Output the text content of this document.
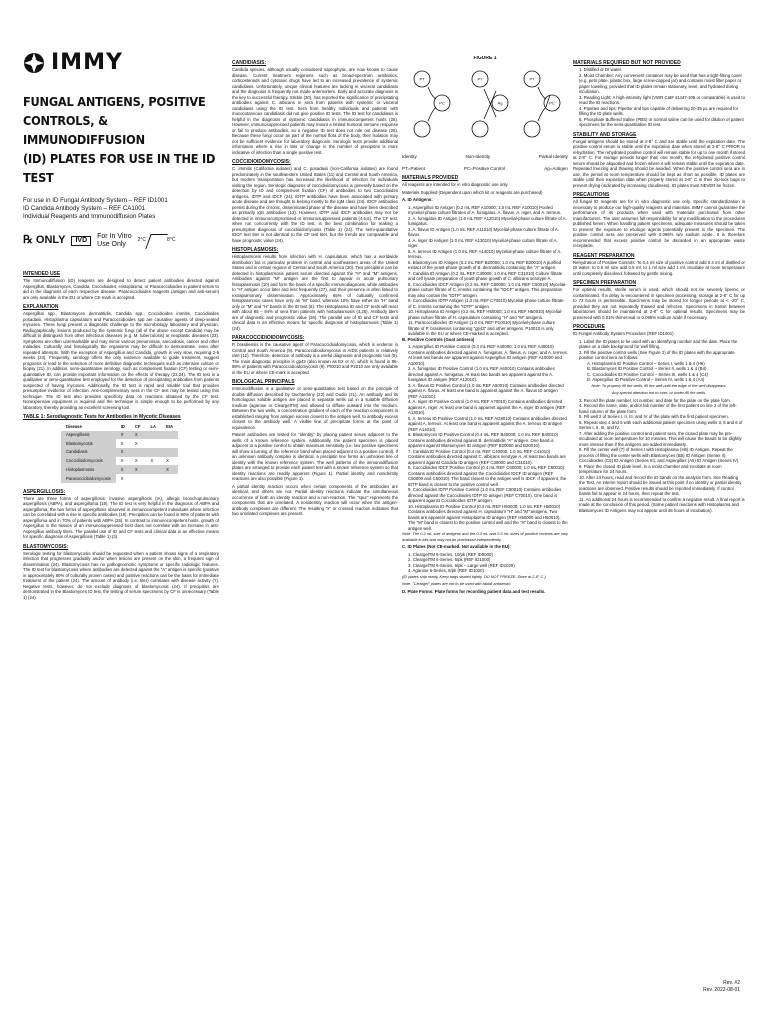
IMMY
FUNGAL ANTIGENS, POSITIVE
CONTROLS, & IMMUNODIFFUSION
(ID) PLATES FOR USE IN THE ID TEST
For use in ID Fungal Antibody System – REF ID1001
ID Candida Antibody System – REF CA1001
Individual Reagents and Immunodiffusion Plates
℞ ONLY	IVD
For In Vitro
Use Only
2°C	8°C
INTENDED USE

The Immunodiffusion (ID) reagents are designed to detect patient antibodies directed against Aspergillus, Blastomyces, Candida, Coccidioides, Histoplasma, or Paracoccidioides in patient serum to aid in the diagnosis of each respective disease. Paracoccidioides reagents (antigen and anti-serum) are only available in the EU or where CE-mark is accepted.

EXPLANATION

Aspergillus spp., Blastomyces dermatitidis, Candida spp., Coccidioides immitis, Coccidioides posadasii, Histoplasma capsulatum and Paracoccidioides spp are causative agents of deep-seated mycoses. These fungi present a diagnostic challenge to the microbiology laboratory and physician. Radiographically, lesions produced by the systemic fungi (all of the above except Candida) may be difficult to distinguish from other infectious diseases (e.g. M. tuberculosis) or neoplastic diseases (23). Symptoms are often unremarkable and may mimic various pneumonias, sarcoidosis, cancer and other maladies. Culturally and histologically the organisms may be difficult to demonstrate, even after repeated attempts. With the exception of Aspergillus and Candida, growth is very slow, requiring 2-6 weeks (24). Frequently, serology offers the only evidence available to guide treatment, suggest prognosis or lead to the selection of more definitive diagnostic techniques such as intensive culture or biopsy (21). In addition, semi-quantitative serology, such as complement fixation (CF) testing or semi-quantitative ID, can provide important information on the effects of therapy (23,24). The ID test is a qualitative or semi-quantitative test employed for the detection of precipitating antibodies from patients suspected of having mycoses. Additionally, the ID test is rapid and reliable tool that provides presumptive evidence of infection. Anti-complementary sera in the CF test may be tested using this technique. The ID test also provides specificity data on reactions obtained by the CF test. Nonexpensive equipment is required and the technique is simple enough to be performed by any laboratory, thereby providing an excellent screening tool.

TABLE 1: Serodiagnostic Tests for Antibodies in Mycotic Diseases
Disease	ID	CF	LA	EIA
Aspergillosis	X	X		
Blastomycosis	X	X		
Candidiasis	X			
Coccidioidomycosis	X	X	X	X
Histoplasmosis	X	X		X
Paracoccidioidomycosis	X			
ASPERGILLOSIS:

There are three forms of aspergillosis: invasive aspergillosis (IA), allergic bronchopulmonary aspergillosis (ABPA), and aspergilloma (19). The ID test is very helpful in the diagnosis of ABPA and aspergilloma, the two forms of aspergillosis observed in immunocompetent individuals where infection can be correlated with a rise in specific antibodies (19). Precipitins can be found in 90% of patients with aspergilloma and in 70% of patients with ABPA (26). In contrast to immunocompetent hosts, growth of Aspergillus in the tissues of an immunosuppressed host does not correlate with an increase in anti-Aspergillus antibody titers. The parallel use of ID and CF tests and clinical data is an effective means for specific diagnosis of Aspergillosis (Table 1) (3).

BLASTOMYCOSIS:

Serologic testing for blastomycosis should be requested when a patient shows signs of a respiratory infection that progresses gradually and/or when lesions are present on the skin, a frequent sign of dissemination (24). Blastomycosis has no pathognomonic symptoms or specific radiologic features. The ID test for blastomycosis where antibodies are detected against the "A" antigen is specific (positive in approximately 80% of culturally proven cases) and positive reactions can be the basis for immediate treatment of the patient (24). The amount of antibody (i.e. titer) correlates with disease activity (?). Negative tests, however, do not exclude diagnosis of blastomycosis (24). If precipitins are demonstrated in the Blastomyces ID test, the testing of serum specimens by CF is unnecessary (Table 1) (24).

CANDIDIASIS:

Candida species, although usually considered saprophytic, are now known to cause disease. Current treatment regimens such as broad-spectrum antibiotics, corticosteroids and cytotoxic drugs have led to an increased prevalence of systemic candidiasis. Unfortunately, unique clinical features are lacking in visceral candidiasis and the diagnosis is frequently not made antemortem. Early and accurate diagnosis is the key to successful therapy. Stickle (30), has reported the significance of precipitating antibodies against C. albicans in sera from patients with systemic or visceral candidiasis using the ID test. Sera from healthy individuals and patients with mucocutaneous candidiasis did not give positive ID tests. The ID test for candidiasis is helpful in the diagnosis of systemic candidiasis in immunocompetent hosts (26). However, immunosuppressed patients may mount a limited humoral immune response or fail to produce antibodies, so a negative ID test does not rule out disease (26). Because these fungi occur as part of the normal flora of the body, their isolation may not be sufficient evidence for laboratory diagnosis. Serologic tests provide additional information where a rise in titer or change in the number of precipitins is more indicative of infection than a single positive test.

COCCIDIOIDOMYCOSIS:

C. immitis (California isolates) and C. posadasii (non-California isolates) are found predominately in the southwestern United States (11) and Central and South America, but modern transportation has increased the likelihood of infection for individuals visiting the region. Serologic diagnosis of coccidioidomycosis is generally based on the detection by ID and complement fixation (CF) of antibodies to two Coccidioides antigens, IDTP and IDCF (24). IDTP antibodies have been associated with primary acute disease and are thought to belong mostly to the IgM class (24). IDCF antibodies persist during the chronic, disseminated phase of the disease and have been described as primarily IgG antibodies (12). However, IDTP and IDCF antibodies may not be detected in immunocompromised or immunosuppressed patients (4,5,6). The CF test, when run concurrently with the ID test, is the best combination for making a presumptive diagnosis of coccidioidomycosis (Table 1) (24). The semi-quantitative IDCF test titer is not identical to the CF test titer, but the trends are comparable and have prognostic value (24).

HISTOPLASMOSIS:

Histoplasmosis results from infection with H. capsulatum, which has a worldwide distribution but is particular problem in central and southeastern areas of the United States and in certain regions of Central and South America (30). Two precipitins can be detected in histoplasmosis patient serum directed against the "H" and "M" antigens. Antibodies against "M" antigen are the first to appear in acute pulmonary histoplasmosis (10) and form the basis of a specific immunodiagnosis, while antibodies to "H" antigen occur later and less frequently (27), and their presence is often linked to extrapulmonary dissemination. Approximately 65% of culturally confirmed histoplasmosis cases have only an "M" band, whereas 10% have either an "H" band only or "M" and "H" bands in the ID test (6). The Histoplasma ID and CF tests will react with about 85 – 94% of sera from patients with histoplasmosis (4,26). Antibody titers are of diagnostic and prognostic value (26). The parallel use of ID and CF tests and clinical data is an effective means for specific diagnosis of histoplasmosis (Table 1) (24).

PARACOCCIDIOIDOMYCOSIS:

P. brasiliensis is the causative agent of Paracoccidioidomycosis, which is endemic in Central and South America (9). Paracoccidioidomycosis in AIDS patients is relatively rare (12). Therefore, detection of antibody is a useful diagnostic and prognostic tool (9). The main diagnostic precipitin is gp43 (also known as E2 or A), which is found in 95-98% of patients with Paracoccidioidomycosis (9). PI0010 and P2010 are only available in the EU or where CE-mark is accepted.

BIOLOGICAL PRINCIPALS

Immunodiffusion is a qualitative or semi-quantitative test based on the principle of double diffusion described by Ouchterlony (22) and Oudin (21). An antibody and its homologous soluble antigen are placed in separate wells cut in a suitable diffusion medium (agarose or CleargelTM) and allowed to diffuse outward into the medium. Between the two wells, a concentration gradient of each of the reaction components is established ranging from antigen excess closest to the antigen well, to antibody excess closest to the antibody well. A visible line of precipitate forms at the point of equivalence.

Patient antibodies are tested for "identity" by placing patient serum adjacent to the wells of a known reference system. Additionally, the patient specimen is placed adjacent to a positive control to obtain maximum sensitivity (i.e. low positive specimens will show a turning of the reference band when placed adjacent to a positive control). If an unknown antibody complex is identical, a precipitin line forms an unbroken line of identity with the known reference system. The well patterns of the immunodiffusion plates are arranged to provide each patient test with a known reference system so that identity reactions are readily apparent (Figure 1). Partial identity and nonidentity reactions are also possible (Figure 1).

A partial identity reaction occurs when certain components of the antibodies are identical, and others are not. Partial identity reactions indicate the simultaneous occurrence of both an identity reaction and a non-reaction. The "spur" represents the components that are unrelated. A nonidentity reaction will occur when the antigen-antibody complexes are different. The resulting "x" or crossed reaction indicates that two unrelated complexes are present.

FIGURE 1
PT
PC
PT
Ag
PT
PC
Identity	Non-Identity	Partial Identity
PT=Patient	PC=Positive Control	Ag=Antigen
MATERIALS PROVIDED

All reagents are intended for in vitro diagnostic use only.

Materials Supplied (Dependent upon which kit or reagents are purchased)

A. ID Antigens:

1. Aspergillus ID Antigen (0.2 mL REF A10000; 1.0 mL REF A10010) Pooled mycelial-phase culture filtrates of A. fumigatus, A. flavus, A. niger, and A. terreus.
2. A. fumigatus ID Antigen (1.0 mL REF A12010) Mycelial-phase culture filtrate of A. fumigatus.
3. A. flavus ID Antigen (1.0 mL REF A11010) Mycelial-phase culture filtrate of A. flavus.
4. A. niger ID Antigen (1.0 mL REF A13010) Mycelial-phase culture filtrate of A. niger.
5. A. terreus ID Antigen (1.0 mL REF A14010) Mycelial-phase culture filtrate of A. terreus.
6. Blastomyces ID Antigen (0.2 mL REF B20000; 1.0 mL REF B20010) A purified extract of the yeast-phase growth of B. dermatitidis containing the "A" antigen.
7. Candida ID Antigen (0.2 mL REF C30000; 1.0 mL REF C31010) Culture filtrate and cell lysate preparation of yeast-phase growth of C. albicans serotype A.
8. Coccidioides IDCF Antigen (0.2 mL REF C50000; 1.0 mL REF C50010) Mycelial-phase culture filtrate of C. immitis containing the "IDCF" antigen. This preparation may also contain the "IDTP" antigen.
9. Coccidioides IDTP Antigen (1.0 mL REF C70010) Mycelial-phase culture filtrate of C. immitis containing the "IDTP" antigen.
10. Histoplasma ID Antigen (0.2 mL REF H50000; 1.0 mL REF H50010) Mycelial-phase culture filtrate of H. capsulatum containing "H" and "M" antigens.
11. Paracoccidioides ID Antigen (1.0 mL REF P10010) Mycelial-phase culture filtrate of P. brasiliensis containing "gp43" and other antigens. P10010 is only available in the EU or where CE-marked is accepted.

B. Positive Controls (Goat antisera)

1. Aspergillus ID Positive Control (0.4 mL REF A40000; 1.0 mL REF A40010) Contains antibodies directed against A. fumigatus, A. flavus, A. niger, and A. terreus. At least two bands are apparent against Aspergillus ID antigen (REF A10000 and A10010).
2. A. fumigatus ID Positive Control (1.0 mL REF A60010) Contains antibodies directed against A. fumigatus. At least two bands are apparent against the A. fumigatus ID antigen (REF A12010).
3. A. flavus ID Positive Control (1.0 mL REF A50010) Contains antibodies directed against A. flavus. At least one band is apparent against the A. flavus ID antigen (REF A11010).
4. A. niger ID Positive Control (1.0 mL REF A70010) Contains antibodies directed against A. niger. At least one band is apparent against the A. niger ID antigen (REF A13010).
5. A. terreus ID Positive Control (1.0 mL REF AG8010) Contains antibodies directed against A. terreus. At least one band is apparent against the A. terreus ID antigen (REF A14010).
6. Blastomyces ID Positive Control (0.4 mL REF B40000; 1.0 mL REF B40010) Contains antibodies directed against B. dermatitidis "A" antigen. One band is apparent against Blastomyces ID antigen (REF B20000 and B20010).
7. Candida ID Positive Control (0.4 mL REF C40000; 1.0 mL REF C41010) Contains antibodies directed against C. albicans serotype A. At least two bands are apparent against Candida ID antigen (REF C30000 and C31010).
8. Coccidioides IDCF Positive Control (0.4 mL REF C60000; 1.0 mL REF C60010) Contains antibodies directed against the Coccidioides IDCF ID antigen (REF C50000 and C50010). The band closest to the antigen well is IDCF. If apparent, the IDTP band is closest to the positive control well.
9. Coccidioides IDTP Positive Control (1.0 mL REF C80010) Contains antibodies directed against the Coccidioides IDTP ID antigen (REF C70010). One band is apparent against Coccidioides IDTP antigen.
10. Histoplasma ID Positive Control (0.4 mL REF H60000; 1.0 mL REF H60010) Contains antibodies directed against H. capsulatum "H" and "M" antigens. Two bands are apparent against Histoplasma ID antigen (REF H50000 and H50010). The "M" band is closest to the positive control well and the "H" band is closest to the antigen well.

Note: The 0.2 mL size of antigens and the 0.4 mL and 0.5 mL sizes of positive controls are only available in kits and may not be purchased independently.

C. ID Plates (Not CE-marked. Not available in the EU):

1. CleargelTM 6-Series, 10/pk (REF ID6000)
2. CleargelTM 6-Series, 6/pk (REF ID1000)
3. CleargelTM 6-Series, 6/pk – Large well (REF ID1029)
4. Agarose 6-Series, 6/pk (REF ID1020)

(ID plates ship ready. Keep bags sealed tightly. DO NOT FREEZE. Store at 2-8° C.)

Note: "Cleargel" plates are not to be used with rabbit antiserum.

D. Plate Forms: Plate forms for recording patient data and test results.

MATERIALS REQUIRED BUT NOT PROVIDED
1. Distilled or DI water.
2. Moist Chamber: Any convenient container may be used that has a tight-fitting cover (e.g. petri plate, plastic box, large screw-capped jar) and contains moist filter paper or paper toweling, provided that ID plates remain stationary, level, and hydrated during incubation.
3. Reading Light: A high-intensity light (VWR Cat# 41447-105 or comparable) is used to read the ID reactions.
4. Pipettes and tips: Pipettor and tips capable of delivering 20-35 µL are required for filling the ID plate wells.
5. Phosphate Buffered Saline (PBS) or normal saline can be used for dilution of patient specimens for the semi-quantitative ID test.
STABILITY AND STORAGE

Fungal antigens should be stored at 2-8° C and are stable until the expiration date. The positive control serum is stable until the expiration date when stored at 2-8° C PRIOR to rehydration. The rehydrated positive control will remain stable for up to one month if stored at 2-8° C. For storage periods longer than one month, the rehydrated positive control serum should be aliquotted and frozen where it will remain stable until the expiration date. Repeated freezing and thawing should be avoided. When the positive control sera are in use, the period at room temperature should be kept as short as possible. ID plates are stable until their expiration date when properly stored at 2-8° C in their zip-lock bags to prevent drying (indicated by increasing cloudiness). ID plates must NEVER be frozen.

PRECAUTIONS

All fungal ID reagents are for in vitro diagnostic use only. Specific standardization is necessary to produce our high-quality reagents and materials. IMMY cannot guarantee the performance of its products when used with materials purchased from other manufacturers. The user assumes full responsibility for any modification to the procedures published herein. When handling patient specimens, adequate measures should be taken to prevent the exposure to etiologic agents potentially present in the specimen. The positive control sera are preserved with 0.095% w/v sodium azide. It is therefore recommended that excess positive control be discarded in an appropriate waste receptacle.

REAGENT PREPARATION

Rehydration of Positive Controls: To 0.4 ml size of positive control add 0.4 ml of distilled or DI water; to 0.5 ml size add 0.5 ml; to 1 ml size add 1 ml. Incubate at room temperature until completely dissolved, followed by gentle mixing.

SPECIMEN PREPARATION

For optimal results, sterile serum is used, which should not be severely lipemic or contaminated. If a delay is encountered in specimen processing, storage at 2-8° C for up to 72 hours is permissible. Specimens may be stored for longer periods at < -20° C, provided they are not repeatedly thawed and refrozen. Specimens in transit between laboratories should be maintained at 2-8° C for optimal results. Specimens may be preserved with 0.01% thimerosal or 0.095% sodium azide if necessary.

PROCEDURE

ID Fungal Antibody System Procedure (REF ID1001)

1. Label the ID plates to be used with an identifying number and the date. Place the plates on a dark background for well filling.
2. Fill the positive control wells (See Figure 2) of the ID plates with the appropriate positive control sera as follows:
A. Histoplasma ID Positive Control – Series I, wells 1 & 4 (H6)
B. Blastomyces ID Positive Control – Series II, wells 1 & 4 (B4)
C. Coccidioides ID Positive Control – Series III, wells 1 & 4 (C4)
D. Aspergillus ID Positive Control – Series IV, wells 1 & 4 (A4)

Note: To properly fill the wells, fill the well until the edge of the well disappears.

Any special attention not to over- or under-fill the wells.

3. Record the plate number, lot number, and date for the plate on the plate form.
4. Record the name, date, and/or lab number of the first patient on line 2 of the left-hand column of the plate form.
5. Fill well 2 of Series I, II, III, and IV of the plate with the first patient specimen.
6. Repeat step 4 and 5 with each additional patient specimen using wells 3, 5 and 6 of Series I, II, III, and IV.
7. After adding the positive control and patient sera, the closed plate may be pre-incubated at room temperature for 10 minutes. This will cause the bands to be slightly more intense than if the antigens are added immediately.
8. Fill the center well (7) of Series I with Histoplasma (H5) ID Antigen. Repeat the process of filling the center wells with Blastomyces (B5) ID Antigen (Series II), Coccidioides (C5) ID Antigen (Series III), and Aspergillus (A5) ID Antigen (Series IV).
9. Place the closed ID plate level, in a moist chamber and incubate at room temperature for 24 hours.
10. After 24 hours, read and record the ID bands on the analysis form. See Reading the Test. An interim report should be issued at this point if no identity or partial identity reactions are observed. Positive results should be reported immediately. If control bands fail to appear in 24 hours, then repeat the test.
11. An additional 24 hours is recommended to confirm a negative result. A final report is made at the conclusion of this period. (Some patient reactions with Histoplasma and Blastomyces ID Antigens may not appear until 48 hours of incubation).
Rev. #2
Rev. 2022-08-01
